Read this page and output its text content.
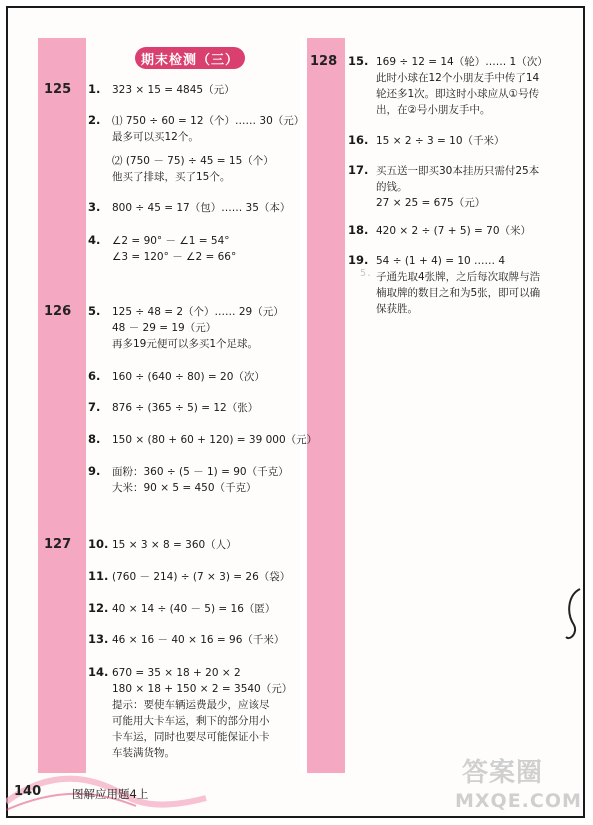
期末检测（三）
125
126
127
128
1. 323 × 15 = 4845（元）
2. ⑴ 750 ÷ 60 = 12（个）…… 30（元）
最多可以买12个。
⑵ (750 － 75) ÷ 45 = 15（个）
他买了排球，买了15个。
3. 800 ÷ 45 = 17（包）…… 35（本）
4. ∠2 = 90° － ∠1 = 54°
∠3 = 120° － ∠2 = 66°
5. 125 ÷ 48 = 2（个）…… 29（元）
48 － 29 = 19（元）
再多19元便可以多买1个足球。
6. 160 ÷ (640 ÷ 80) = 20（次）
7. 876 ÷ (365 ÷ 5) = 12（张）
8. 150 × (80 + 60 + 120) = 39 000（元）
9. 面粉：360 ÷ (5 － 1) = 90（千克）
大米：90 × 5 = 450（千克）
10. 15 × 3 × 8 = 360（人）
11. (760 － 214) ÷ (7 × 3) = 26（袋）
12. 40 × 14 ÷ (40 － 5) = 16（匿）
13. 46 × 16 － 40 × 16 = 96（千米）
14. 670 = 35 × 18 + 20 × 2
180 × 18 + 150 × 2 = 3540（元）
提示：要使车辆运费最少，应该尽
可能用大卡车运，剩下的部分用小
卡车运，同时也要尽可能保证小卡
车装满货物。
15. 169 ÷ 12 = 14（轮）…… 1（次）
此时小球在12个小朋友手中传了14
轮还多1次。即这时小球应从①号传
出，在②号小朋友手中。
16. 15 × 2 ÷ 3 = 10（千米）
17. 买五送一即买30本挂历只需付25本
的钱。
27 × 25 = 675（元）
18. 420 × 2 ÷ (7 + 5) = 70（米）
19. 54 ÷ (1 + 4) = 10 …… 4
子通先取4张牌，之后每次取牌与浩
楠取牌的数目之和为5张，即可以确
保获胜。
5. …
140	图解应用题4上
答案圈
MXQE.COM
